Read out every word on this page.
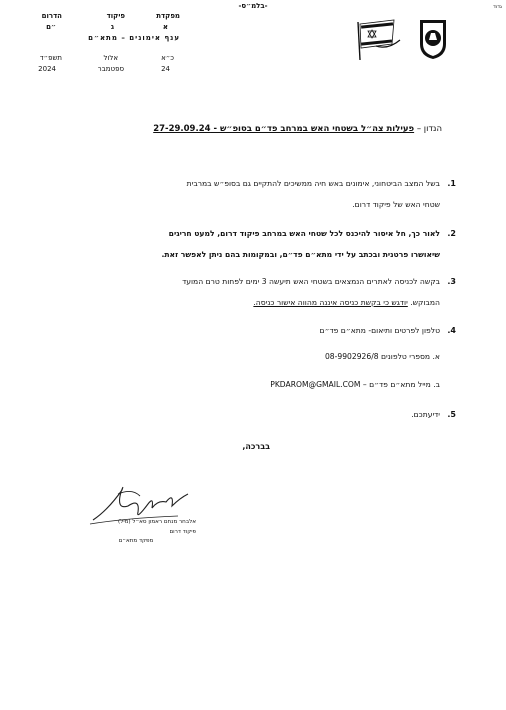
-בלמ״ס-	גדוד
מפקדת
פיקוד
הדרום
א
ג
״ם
ענף אימונים – מתא״ם
כ״א
אלול
תשפ״ד
24
ספטמבר
2024
הנדון – פעילות צה״ל בשטחי האש במרחב פד״ם בסופ״ש - 27-29.09.24
1.
בשל המצב הביטחוני, אימונים באש חיה ממשיכים להתקיים גם בסופ״ש במרבית
שטחי האש של פיקוד דרום.
2.
לאור כך, חל איסור להיכנס לכל שטחי האש במרחב פיקוד דרום, למעט חריגים
שיאושרו פרטנית ובכתב על ידי מתא״ם פד״ם, ובמקומות בהם ניתן לאפשר זאת.
3.
בקשה לכניסה לאתרים הנמצאים בשטחי האש תיעשה 3 ימים לפחות טרם המועד
המבוקש. יודגש כי בקשת כניסה איננה מהווה אישור כניסה.
4.
טלפון לפרטים ותיאום- מתא״ם פד״ם
א. מספרי טלפונים 08-9902926/8
ב. מייל מתא״ם פד״ם – PKDAROM@GMAIL.COM
5.
ידיעתכם.
בברכה,
אלבחר מנחם ראמון סא״ל (מיל)
פיקוד דרום
מפקד מתא״ם
